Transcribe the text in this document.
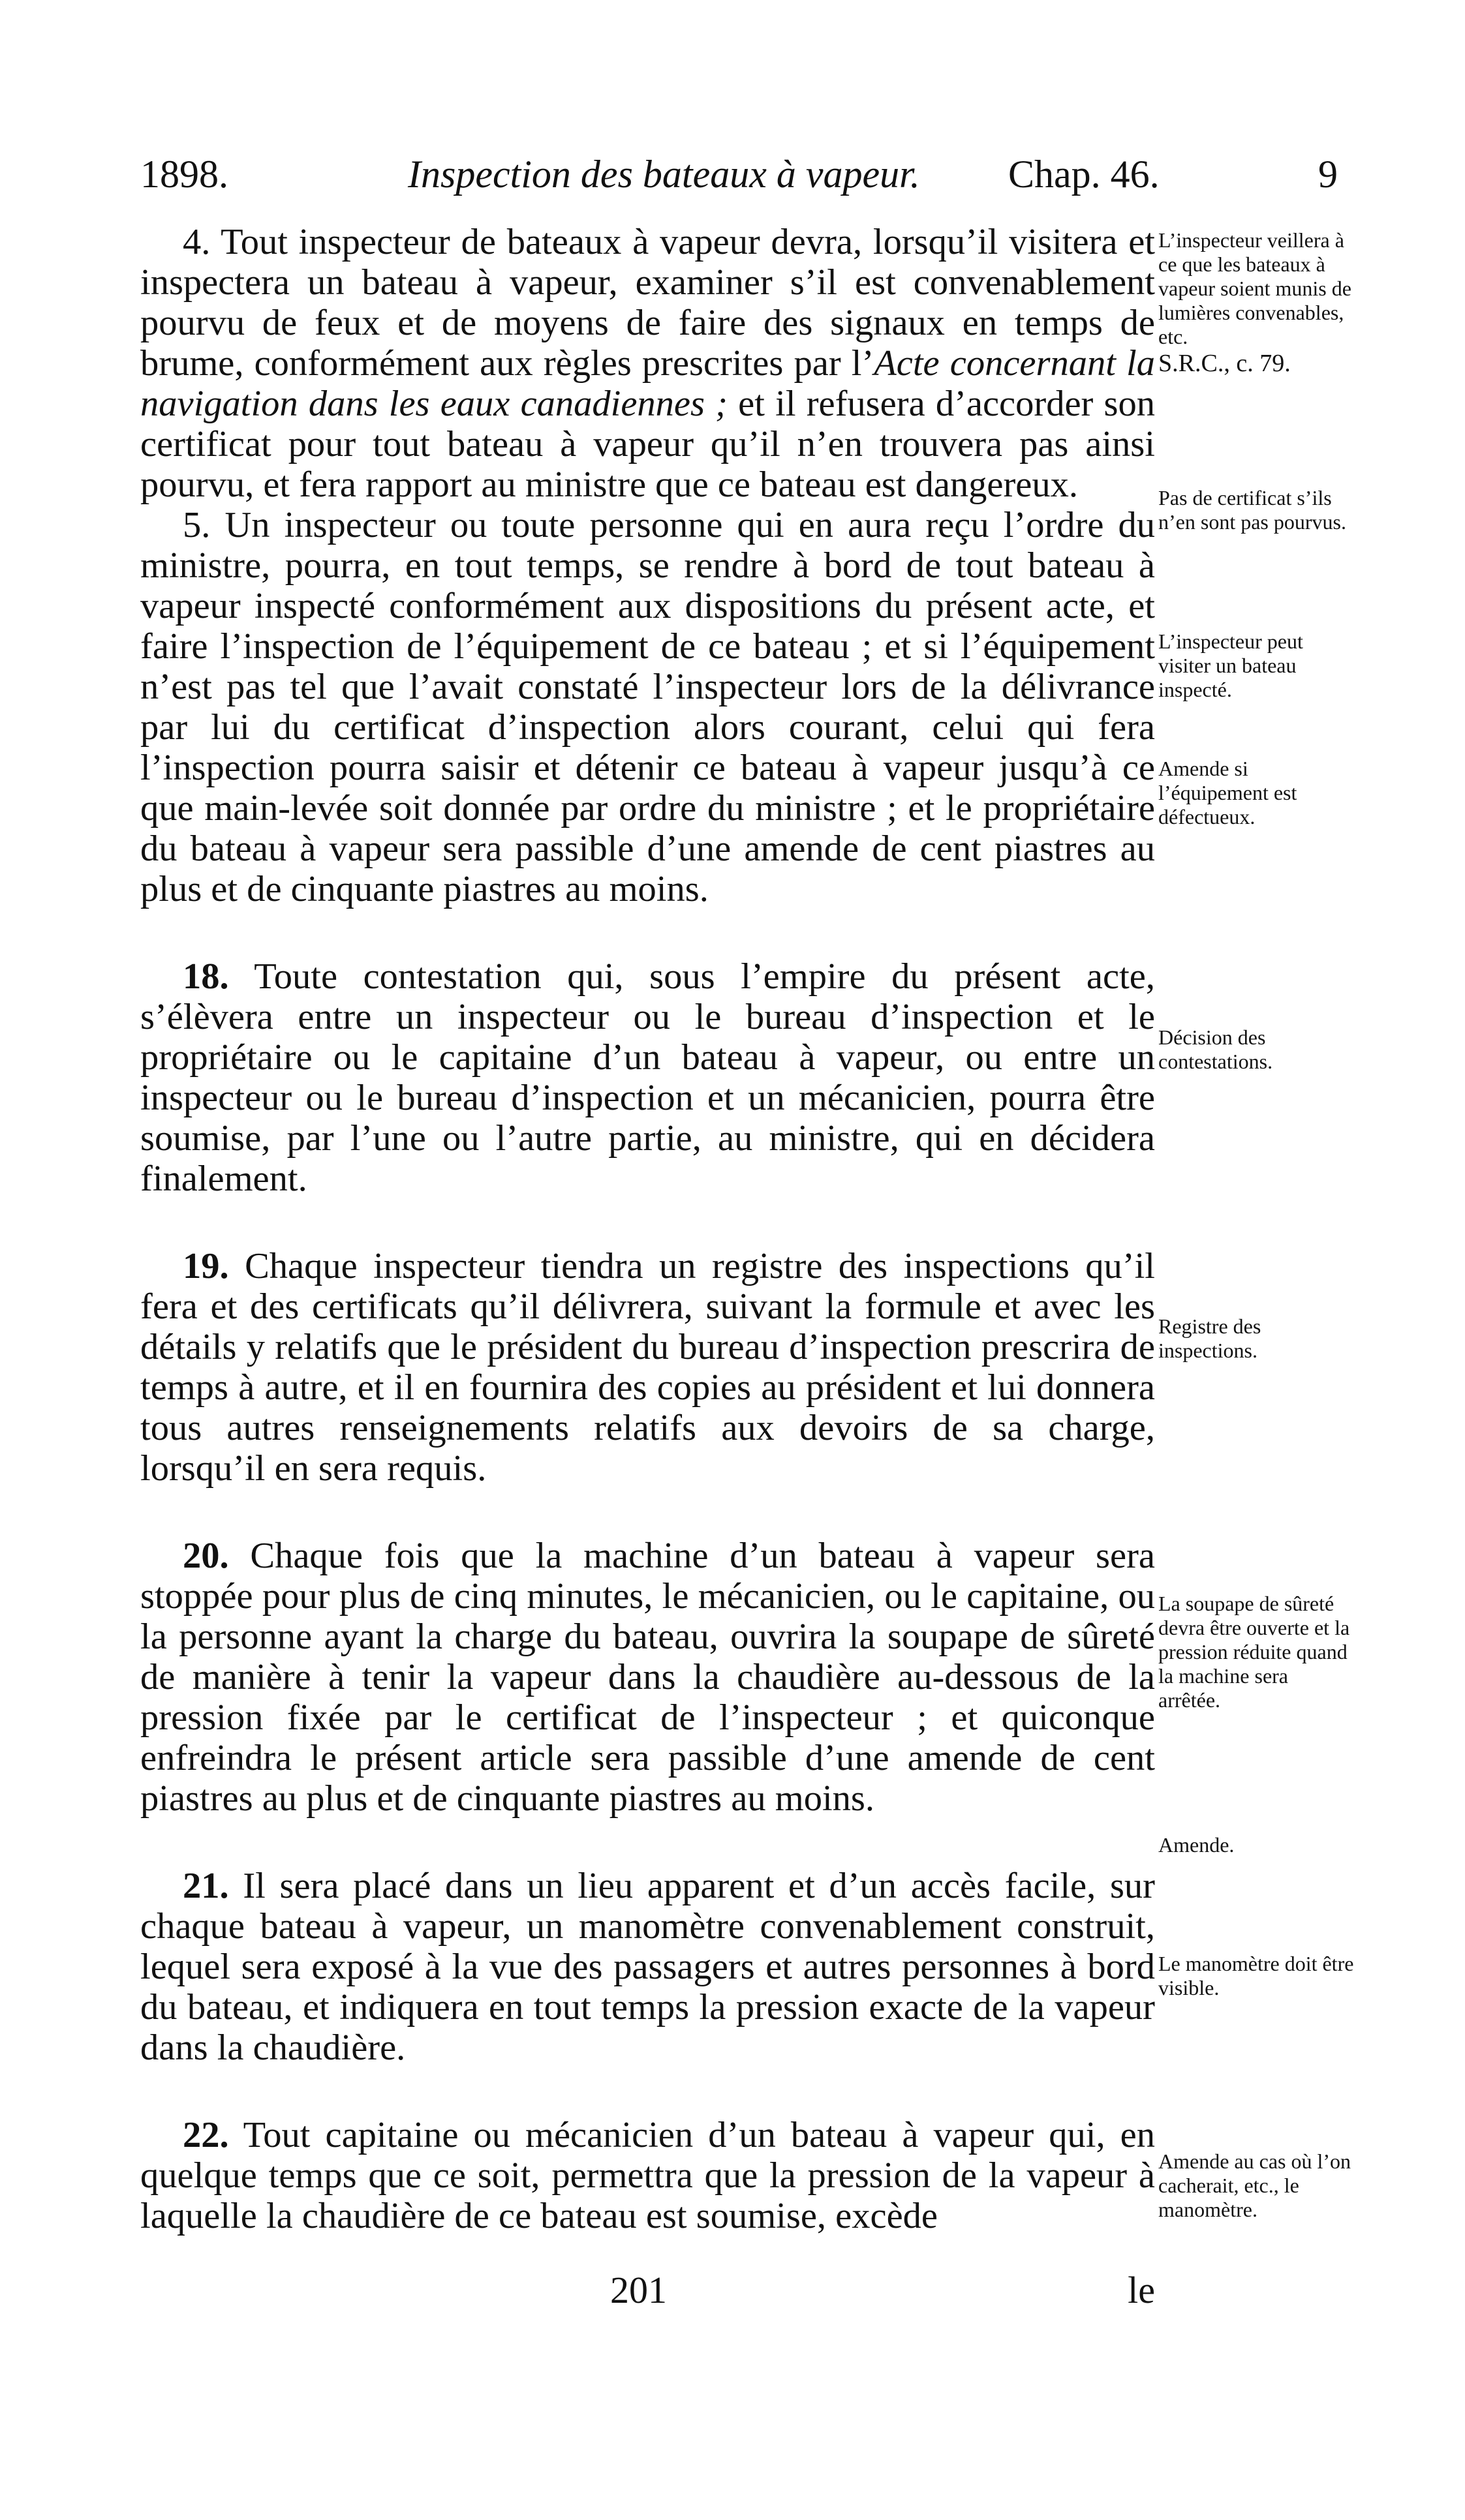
1898.	Inspection des bateaux à vapeur. Chap. 46.	9

4. Tout inspecteur de bateaux à vapeur devra, lorsqu’il visitera et inspectera un bateau à vapeur, examiner s’il est convenablement pourvu de feux et de moyens de faire des signaux en temps de brume, conformément aux règles prescrites par l’Acte concernant la navigation dans les eaux canadiennes ; et il refusera d’accorder son certificat pour tout bateau à vapeur qu’il n’en trouvera pas ainsi pourvu, et fera rapport au ministre que ce bateau est dangereux.

5. Un inspecteur ou toute personne qui en aura reçu l’ordre du ministre, pourra, en tout temps, se rendre à bord de tout bateau à vapeur inspecté conformément aux dispositions du présent acte, et faire l’inspection de l’équipement de ce bateau ; et si l’équipement n’est pas tel que l’avait constaté l’inspecteur lors de la délivrance par lui du certificat d’inspection alors courant, celui qui fera l’inspection pourra saisir et détenir ce bateau à vapeur jusqu’à ce que main-levée soit donnée par ordre du ministre ; et le propriétaire du bateau à vapeur sera passible d’une amende de cent piastres au plus et de cinquante piastres au moins.

18. Toute contestation qui, sous l’empire du présent acte, s’élèvera entre un inspecteur ou le bureau d’inspection et le propriétaire ou le capitaine d’un bateau à vapeur, ou entre un inspecteur ou le bureau d’inspection et un mécanicien, pourra être soumise, par l’une ou l’autre partie, au ministre, qui en décidera finalement.

19. Chaque inspecteur tiendra un registre des inspections qu’il fera et des certificats qu’il délivrera, suivant la formule et avec les détails y relatifs que le président du bureau d’inspection prescrira de temps à autre, et il en fournira des copies au président et lui donnera tous autres renseignements relatifs aux devoirs de sa charge, lorsqu’il en sera requis.

20. Chaque fois que la machine d’un bateau à vapeur sera stoppée pour plus de cinq minutes, le mécanicien, ou le capitaine, ou la personne ayant la charge du bateau, ouvrira la soupape de sûreté de manière à tenir la vapeur dans la chaudière au-dessous de la pression fixée par le certificat de l’inspecteur ; et quiconque enfreindra le présent article sera passible d’une amende de cent piastres au plus et de cinquante piastres au moins.

21. Il sera placé dans un lieu apparent et d’un accès facile, sur chaque bateau à vapeur, un manomètre convenablement construit, lequel sera exposé à la vue des passagers et autres personnes à bord du bateau, et indiquera en tout temps la pression exacte de la vapeur dans la chaudière.

22. Tout capitaine ou mécanicien d’un bateau à vapeur qui, en quelque temps que ce soit, permettra que la pression de la vapeur à laquelle la chaudière de ce bateau est soumise, excède

L’inspecteur veillera à ce que les bateaux à vapeur soient munis de lumières convenables, etc.
S.R.C., c. 79.
Pas de certificat s’ils n’en sont pas pourvus.
L’inspecteur peut visiter un bateau inspecté.
Amende si l’équipement est défectueux.
Décision des contestations.
Registre des inspections.
La soupape de sûreté devra être ouverte et la pression réduite quand la machine sera arrêtée.
Amende.
Le manomètre doit être visible.
Amende au cas où l’on cacherait, etc., le manomètre.
201	le
